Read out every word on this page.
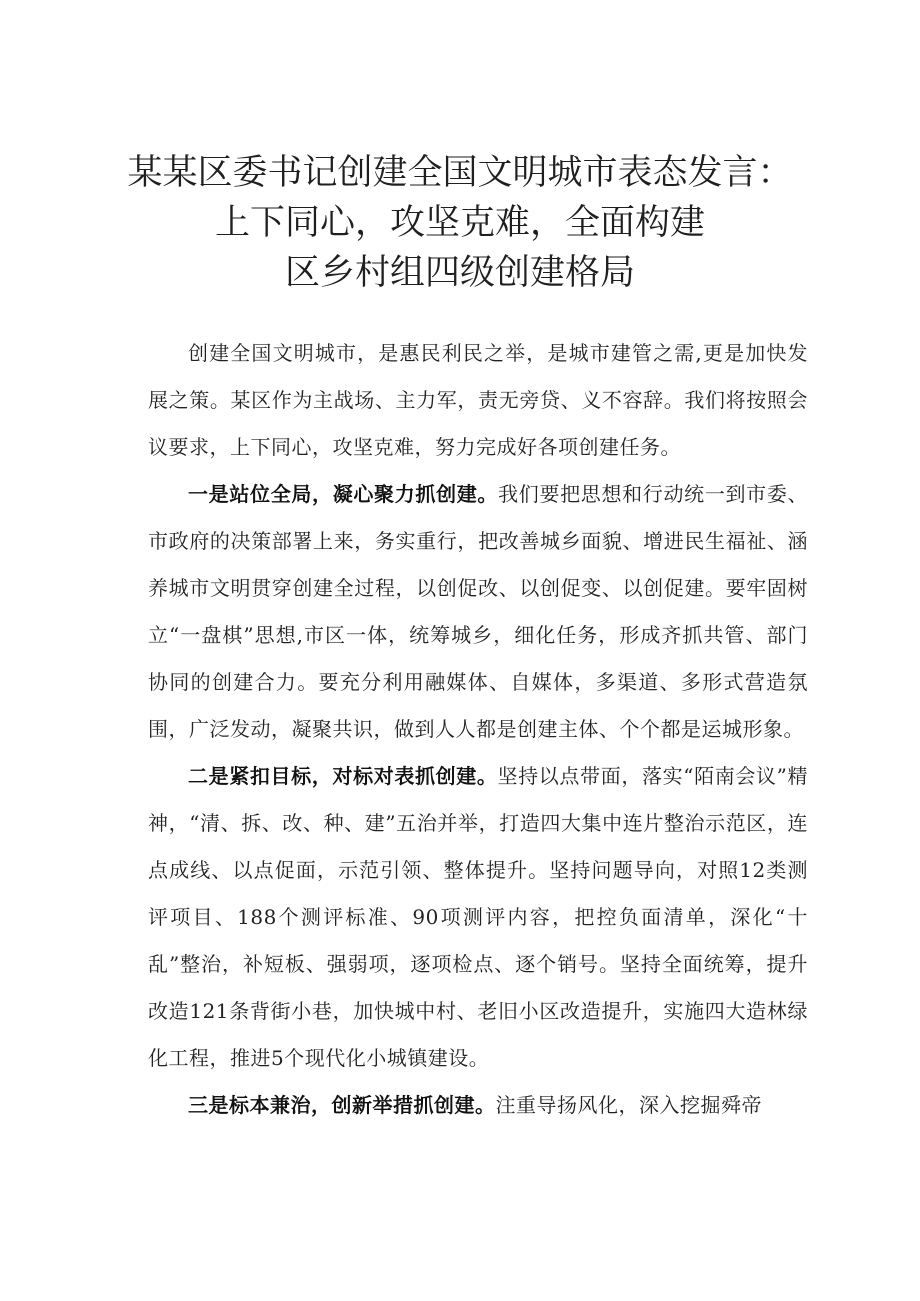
某某区委书记创建全国文明城市表态发言：
上下同心，攻坚克难，全面构建
区乡村组四级创建格局

创建全国文明城市，是惠民利民之举，是城市建管之需,更是加快发展之策。某区作为主战场、主力军，责无旁贷、义不容辞。我们将按照会议要求，上下同心，攻坚克难，努力完成好各项创建任务。

一是站位全局，凝心聚力抓创建。我们要把思想和行动统一到市委、市政府的决策部署上来，务实重行，把改善城乡面貌、增进民生福祉、涵养城市文明贯穿创建全过程，以创促改、以创促变、以创促建。要牢固树立“一盘棋”思想,市区一体，统筹城乡，细化任务，形成齐抓共管、部门协同的创建合力。要充分利用融媒体、自媒体，多渠道、多形式营造氛围，广泛发动，凝聚共识，做到人人都是创建主体、个个都是运城形象。

二是紧扣目标，对标对表抓创建。坚持以点带面，落实“陌南会议”精神，“清、拆、改、种、建”五治并举，打造四大集中连片整治示范区，连点成线、以点促面，示范引领、整体提升。坚持问题导向，对照12类测评项目、188个测评标准、90项测评内容，把控负面清单，深化“十乱”整治，补短板、强弱项，逐项检点、逐个销号。坚持全面统筹，提升改造121条背街小巷，加快城中村、老旧小区改造提升，实施四大造林绿化工程，推进5个现代化小城镇建设。

三是标本兼治，创新举措抓创建。注重导扬风化，深入挖掘舜帝
